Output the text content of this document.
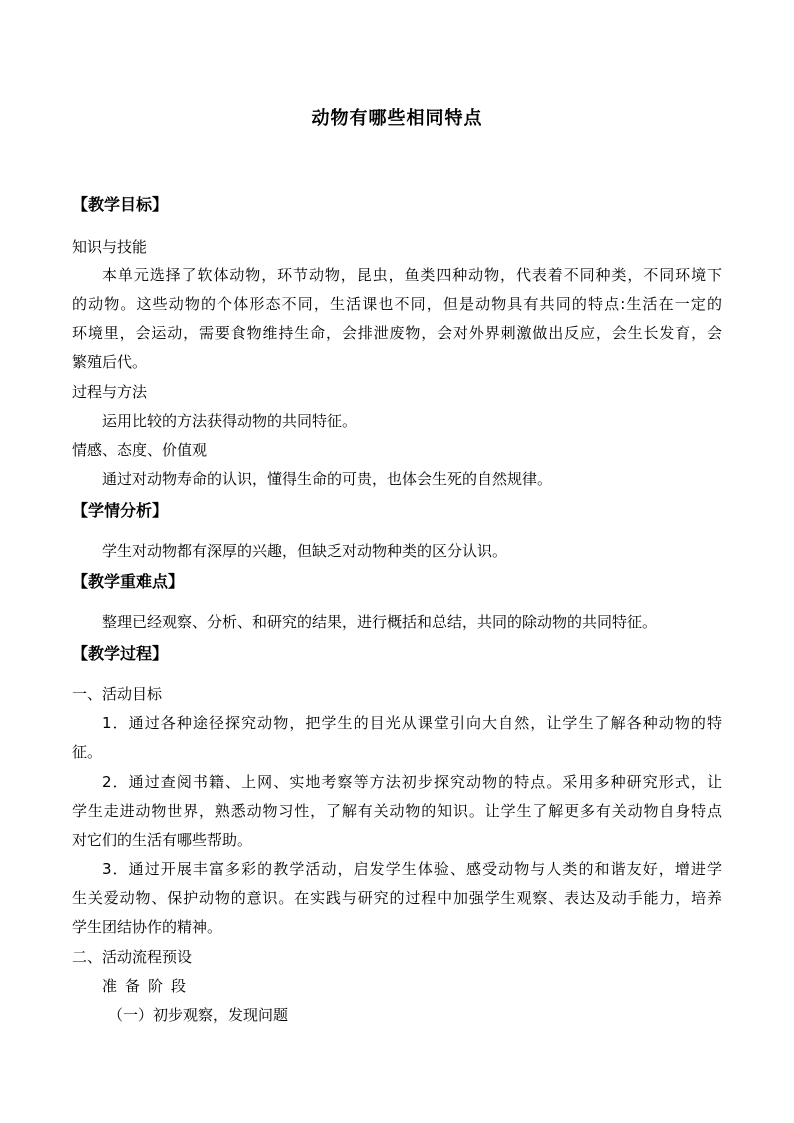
动物有哪些相同特点
【教学目标】
知识与技能
本单元选择了软体动物，环节动物，昆虫，鱼类四种动物，代表着不同种类，不同环境下
的动物。这些动物的个体形态不同，生活课也不同，但是动物具有共同的特点:生活在一定的
环境里，会运动，需要食物维持生命，会排泄废物，会对外界刺激做出反应，会生长发育，会
繁殖后代。
过程与方法
运用比较的方法获得动物的共同特征。
情感、态度、价值观
通过对动物寿命的认识，懂得生命的可贵，也体会生死的自然规律。
【学情分析】
学生对动物都有深厚的兴趣，但缺乏对动物种类的区分认识。
【教学重难点】
整理已经观察、分析、和研究的结果，进行概括和总结，共同的除动物的共同特征。
【教学过程】
一、活动目标
1．通过各种途径探究动物，把学生的目光从课堂引向大自然，让学生了解各种动物的特
征。
2．通过查阅书籍、上网、实地考察等方法初步探究动物的特点。采用多种研究形式，让
学生走进动物世界，熟悉动物习性，了解有关动物的知识。让学生了解更多有关动物自身特点
对它们的生活有哪些帮助。
3．通过开展丰富多彩的教学活动，启发学生体验、感受动物与人类的和谐友好，增进学
生关爱动物、保护动物的意识。在实践与研究的过程中加强学生观察、表达及动手能力，培养
学生团结协作的精神。
二、活动流程预设
准备阶段
（一）初步观察，发现问题
